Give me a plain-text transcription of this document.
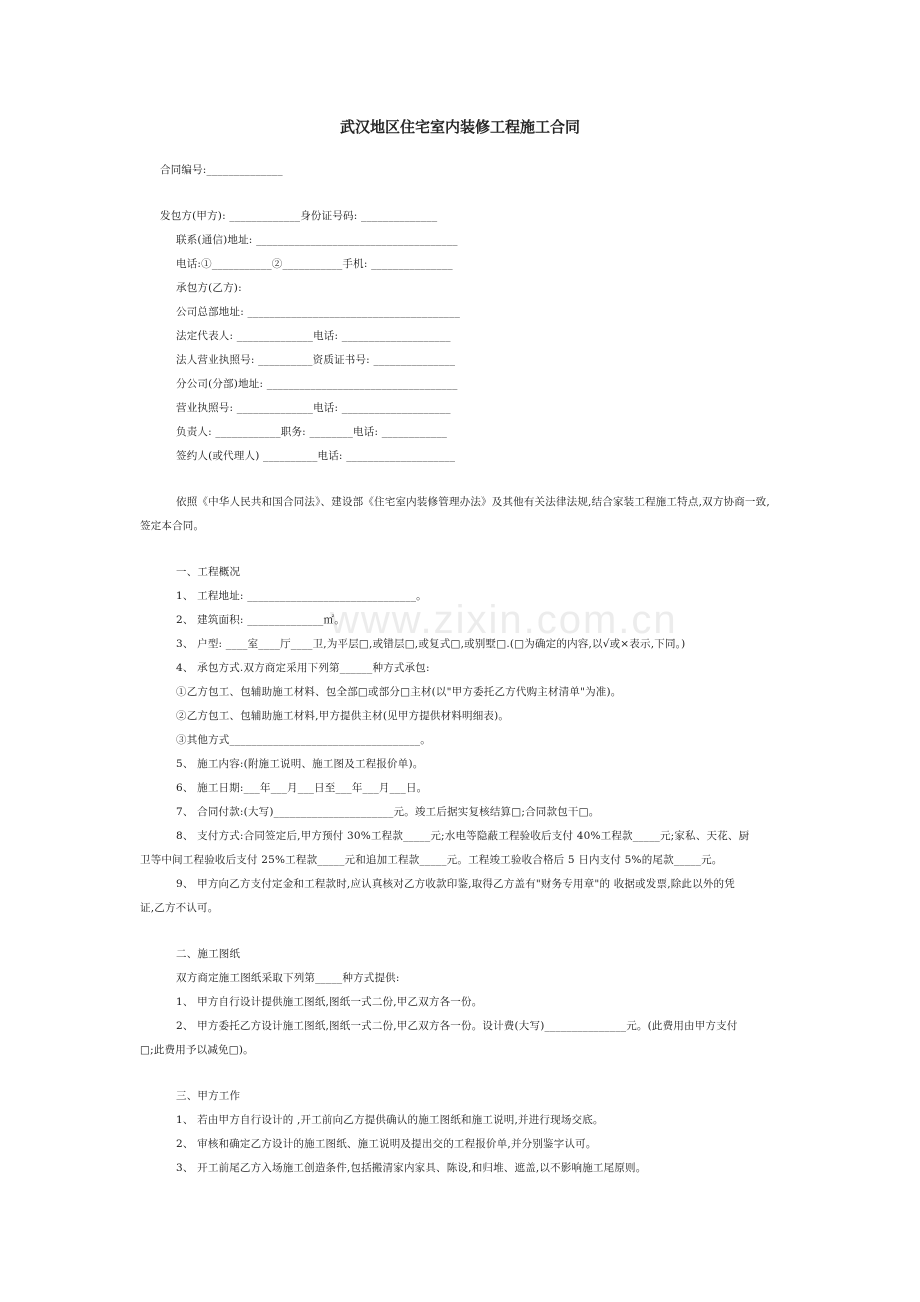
www.zixin.com.cn
武汉地区住宅室内装修工程施工合同
合同编号:______________
发包方(甲方): _____________身份证号码: ______________
联系(通信)地址: _____________________________________
电话:①___________②___________手机: _______________
承包方(乙方):
公司总部地址: _______________________________________
法定代表人: ______________电话: ____________________
法人营业执照号: __________资质证书号: _______________
分公司(分部)地址: ___________________________________
营业执照号: ______________电话: ____________________
负责人: ____________职务: ________电话: ____________
签约人(或代理人) __________电话: ____________________
依照《中华人民共和国合同法》、建设部《住宅室内装修管理办法》及其他有关法律法规,结合家装工程施工特点,双方协商一致,
签定本合同。
一、工程概况
1、 工程地址: _______________________________。
2、 建筑面积: ______________㎡。
3、 户型: ____室____厅____卫,为平层□,或错层□,或复式□,或别墅□.(□为确定的内容,以√或×表示,下同。)
4、 承包方式.双方商定采用下列第______种方式承包:
①乙方包工、包辅助施工材料、包全部□或部分□主材(以"甲方委托乙方代购主材清单"为准)。
②乙方包工、包辅助施工材料,甲方提供主材(见甲方提供材料明细表)。
③其他方式___________________________________。
5、 施工内容:(附施工说明、施工图及工程报价单)。
6、 施工日期:___年___月___日至___年___月___日。
7、 合同付款:(大写)______________________元。竣工后据实复核结算□;合同款包干□。
8、 支付方式:合同签定后,甲方预付 30%工程款_____元;水电等隐蔽工程验收后支付 40%工程款_____元;家私、天花、厨
卫等中间工程验收后支付 25%工程款_____元和追加工程款_____元。工程竣工验收合格后 5 日内支付 5%的尾款_____元。
9、 甲方向乙方支付定金和工程款时,应认真核对乙方收款印鉴,取得乙方盖有"财务专用章"的 收据或发票,除此以外的凭
证,乙方不认可。
二、施工图纸
双方商定施工图纸采取下列第_____种方式提供:
1、 甲方自行设计提供施工图纸,图纸一式二份,甲乙双方各一份。
2、 甲方委托乙方设计施工图纸,图纸一式二份,甲乙双方各一份。设计费(大写)_______________元。(此费用由甲方支付
□;此费用予以减免□)。
三、甲方工作
1、 若由甲方自行设计的 ,开工前向乙方提供确认的施工图纸和施工说明,并进行现场交底。
2、 审核和确定乙方设计的施工图纸、施工说明及提出交的工程报价单,并分别鉴字认可。
3、 开工前尾乙方入场施工创造条件,包括搬清家内家具、陈设,和归堆、遮盖,以不影响施工尾原则。
